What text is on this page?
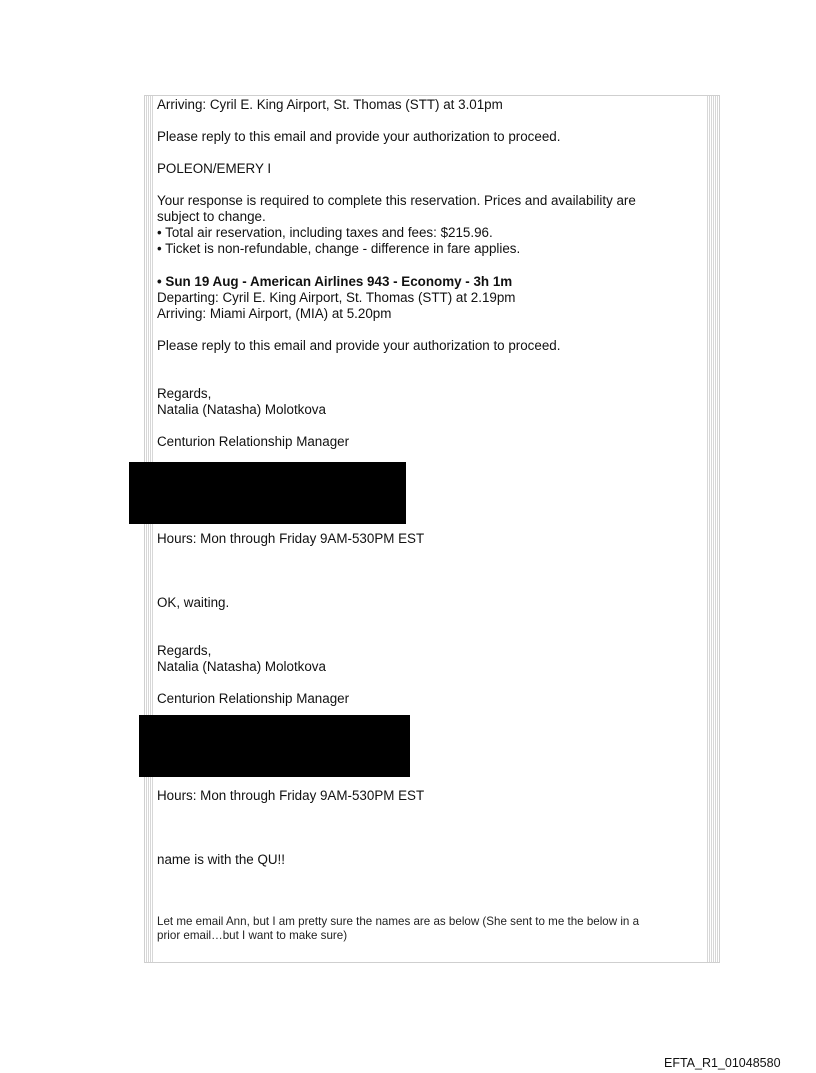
Arriving: Cyril E. King Airport, St. Thomas (STT) at 3.01pm
Please reply to this email and provide your authorization to proceed.
POLEON/EMERY I
Your response is required to complete this reservation. Prices and availability are
subject to change.
• Total air reservation, including taxes and fees: $215.96.
• Ticket is non-refundable, change - difference in fare applies.
• Sun 19 Aug - American Airlines 943 - Economy - 3h 1m
Departing: Cyril E. King Airport, St. Thomas (STT) at 2.19pm
Arriving: Miami Airport, (MIA) at 5.20pm
Please reply to this email and provide your authorization to proceed.
Regards,
Natalia (Natasha) Molotkova
Centurion Relationship Manager
Hours: Mon through Friday 9AM-530PM EST
OK, waiting.
Regards,
Natalia (Natasha) Molotkova
Centurion Relationship Manager
Hours: Mon through Friday 9AM-530PM EST
name is with the QU!!
Let me email Ann, but I am pretty sure the names are as below (She sent to me the below in a
prior email…but I want to make sure)
EFTA_R1_01048580
